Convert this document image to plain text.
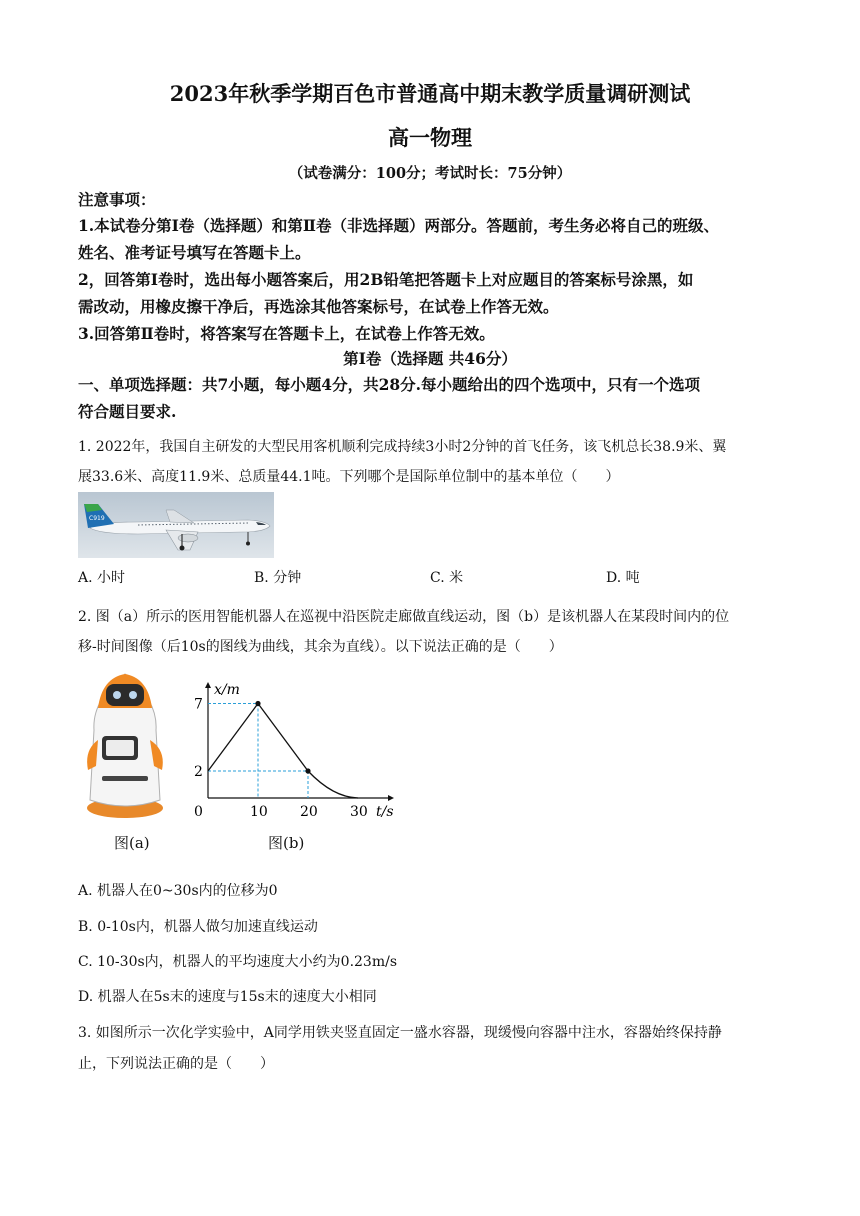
2023年秋季学期百色市普通高中期末教学质量调研测试
高一物理
（试卷满分：100分；考试时长：75分钟）
注意事项：
1.本试卷分第Ⅰ卷（选择题）和第Ⅱ卷（非选择题）两部分。答题前，考生务必将自己的班级、
姓名、准考证号填写在答题卡上。
2，回答第Ⅰ卷时，选出每小题答案后，用2B铅笔把答题卡上对应题目的答案标号涂黑，如
需改动，用橡皮擦干净后，再选涂其他答案标号，在试卷上作答无效。
3.回答第Ⅱ卷时，将答案写在答题卡上，在试卷上作答无效。
第Ⅰ卷（选择题 共46分）
一、单项选择题：共7小题，每小题4分，共28分.每小题给出的四个选项中，只有一个选项
符合题目要求.
1. 2022年，我国自主研发的大型民用客机顺利完成持续3小时2分钟的首飞任务，该飞机总长38.9米、翼
展33.6米、高度11.9米、总质量44.1吨。下列哪个是国际单位制中的基本单位（　　）
C919
A. 小时	B. 分钟	C. 米	D. 吨
2. 图（a）所示的医用智能机器人在巡视中沿医院走廊做直线运动，图（b）是该机器人在某段时间内的位
移-时间图像（后10s的图线为曲线，其余为直线）。以下说法正确的是（　　）
x/m
t/s
2
7
0	10 20 30
图(a)	图(b)
A. 机器人在0~30s内的位移为0
B. 0-10s内，机器人做匀加速直线运动
C. 10-30s内，机器人的平均速度大小约为0.23m/s
D. 机器人在5s末的速度与15s末的速度大小相同
3. 如图所示一次化学实验中，A同学用铁夹竖直固定一盛水容器，现缓慢向容器中注水，容器始终保持静
止，下列说法正确的是（　　）
